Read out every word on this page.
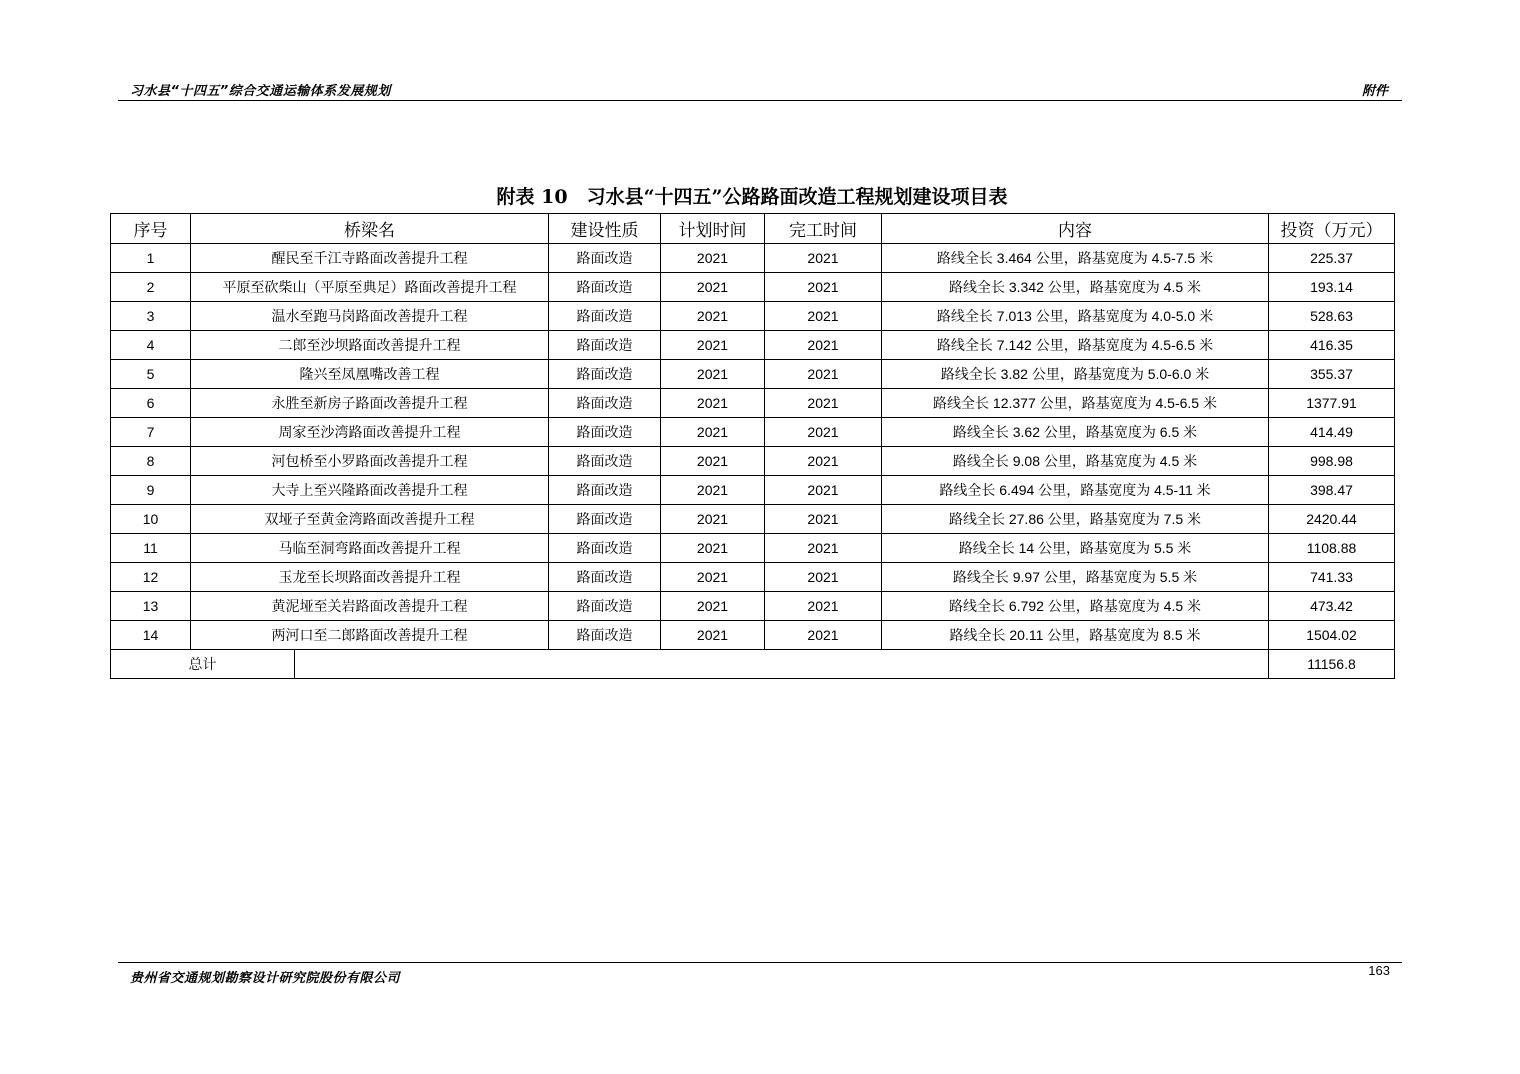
习水县“十四五”综合交通运输体系发展规划	附件
附表 10　习水县“十四五”公路路面改造工程规划建设项目表
序号	桥梁名		建设性质	计划时间	完工时间	内容	投资（万元）
1	醒民至千江寺路面改善提升工程		路面改造	2021	2021	路线全长 3.464 公里，路基宽度为 4.5-7.5 米	225.37
2	平原至砍柴山（平原至典足）路面改善提升工程		路面改造	2021	2021	路线全长 3.342 公里，路基宽度为 4.5 米	193.14
3	温水至跑马岗路面改善提升工程		路面改造	2021	2021	路线全长 7.013 公里，路基宽度为 4.0-5.0 米	528.63
4	二郎至沙坝路面改善提升工程		路面改造	2021	2021	路线全长 7.142 公里，路基宽度为 4.5-6.5 米	416.35
5	隆兴至凤凰嘴改善工程		路面改造	2021	2021	路线全长 3.82 公里，路基宽度为 5.0-6.0 米	355.37
6	永胜至新房子路面改善提升工程		路面改造	2021	2021	路线全长 12.377 公里，路基宽度为 4.5-6.5 米	1377.91
7	周家至沙湾路面改善提升工程		路面改造	2021	2021	路线全长 3.62 公里，路基宽度为 6.5 米	414.49
8	河包桥至小罗路面改善提升工程		路面改造	2021	2021	路线全长 9.08 公里，路基宽度为 4.5 米	998.98
9	大寺上至兴隆路面改善提升工程		路面改造	2021	2021	路线全长 6.494 公里，路基宽度为 4.5-11 米	398.47
10	双垭子至黄金湾路面改善提升工程		路面改造	2021	2021	路线全长 27.86 公里，路基宽度为 7.5 米	2420.44
11	马临至洞弯路面改善提升工程		路面改造	2021	2021	路线全长 14 公里，路基宽度为 5.5 米	1108.88
12	玉龙至长坝路面改善提升工程		路面改造	2021	2021	路线全长 9.97 公里，路基宽度为 5.5 米	741.33
13	黄泥垭至关岩路面改善提升工程		路面改造	2021	2021	路线全长 6.792 公里，路基宽度为 4.5 米	473.42
14	两河口至二郎路面改善提升工程		路面改造	2021	2021	路线全长 20.11 公里，路基宽度为 8.5 米	1504.02
总计							11156.8
贵州省交通规划勘察设计研究院股份有限公司
163
